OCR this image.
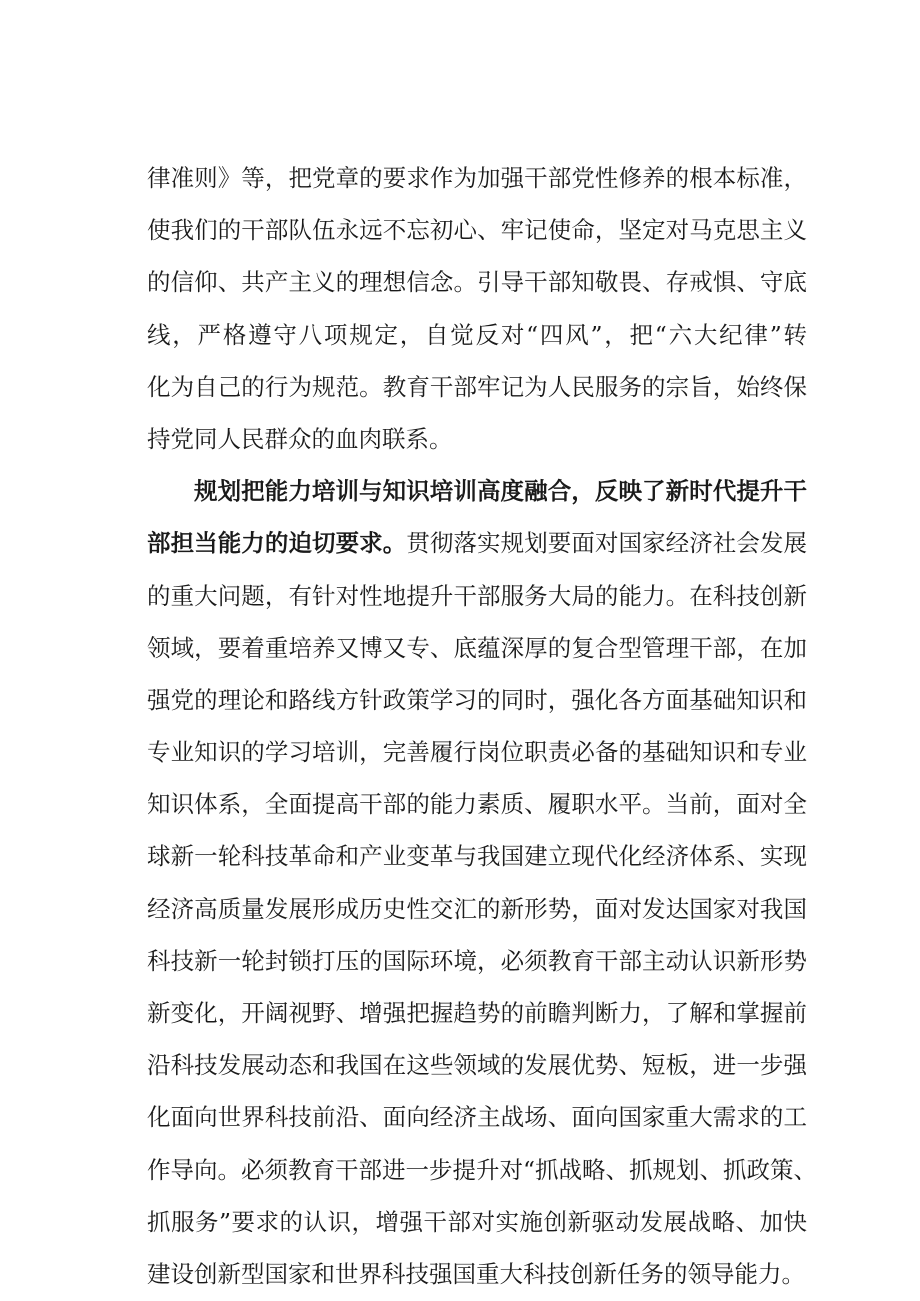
律准则》等，把党章的要求作为加强干部党性修养的根本标准，
使我们的干部队伍永远不忘初心、牢记使命，坚定对马克思主义
的信仰、共产主义的理想信念。引导干部知敬畏、存戒惧、守底
线，严格遵守八项规定，自觉反对“四风”，把“六大纪律”转
化为自己的行为规范。教育干部牢记为人民服务的宗旨，始终保
持党同人民群众的血肉联系。
规划把能力培训与知识培训高度融合，反映了新时代提升干
部担当能力的迫切要求。贯彻落实规划要面对国家经济社会发展
的重大问题，有针对性地提升干部服务大局的能力。在科技创新
领域，要着重培养又博又专、底蕴深厚的复合型管理干部，在加
强党的理论和路线方针政策学习的同时，强化各方面基础知识和
专业知识的学习培训，完善履行岗位职责必备的基础知识和专业
知识体系，全面提高干部的能力素质、履职水平。当前，面对全
球新一轮科技革命和产业变革与我国建立现代化经济体系、实现
经济高质量发展形成历史性交汇的新形势，面对发达国家对我国
科技新一轮封锁打压的国际环境，必须教育干部主动认识新形势
新变化，开阔视野、增强把握趋势的前瞻判断力，了解和掌握前
沿科技发展动态和我国在这些领域的发展优势、短板，进一步强
化面向世界科技前沿、面向经济主战场、面向国家重大需求的工
作导向。必须教育干部进一步提升对“抓战略、抓规划、抓政策、
抓服务”要求的认识，增强干部对实施创新驱动发展战略、加快
建设创新型国家和世界科技强国重大科技创新任务的领导能力。
